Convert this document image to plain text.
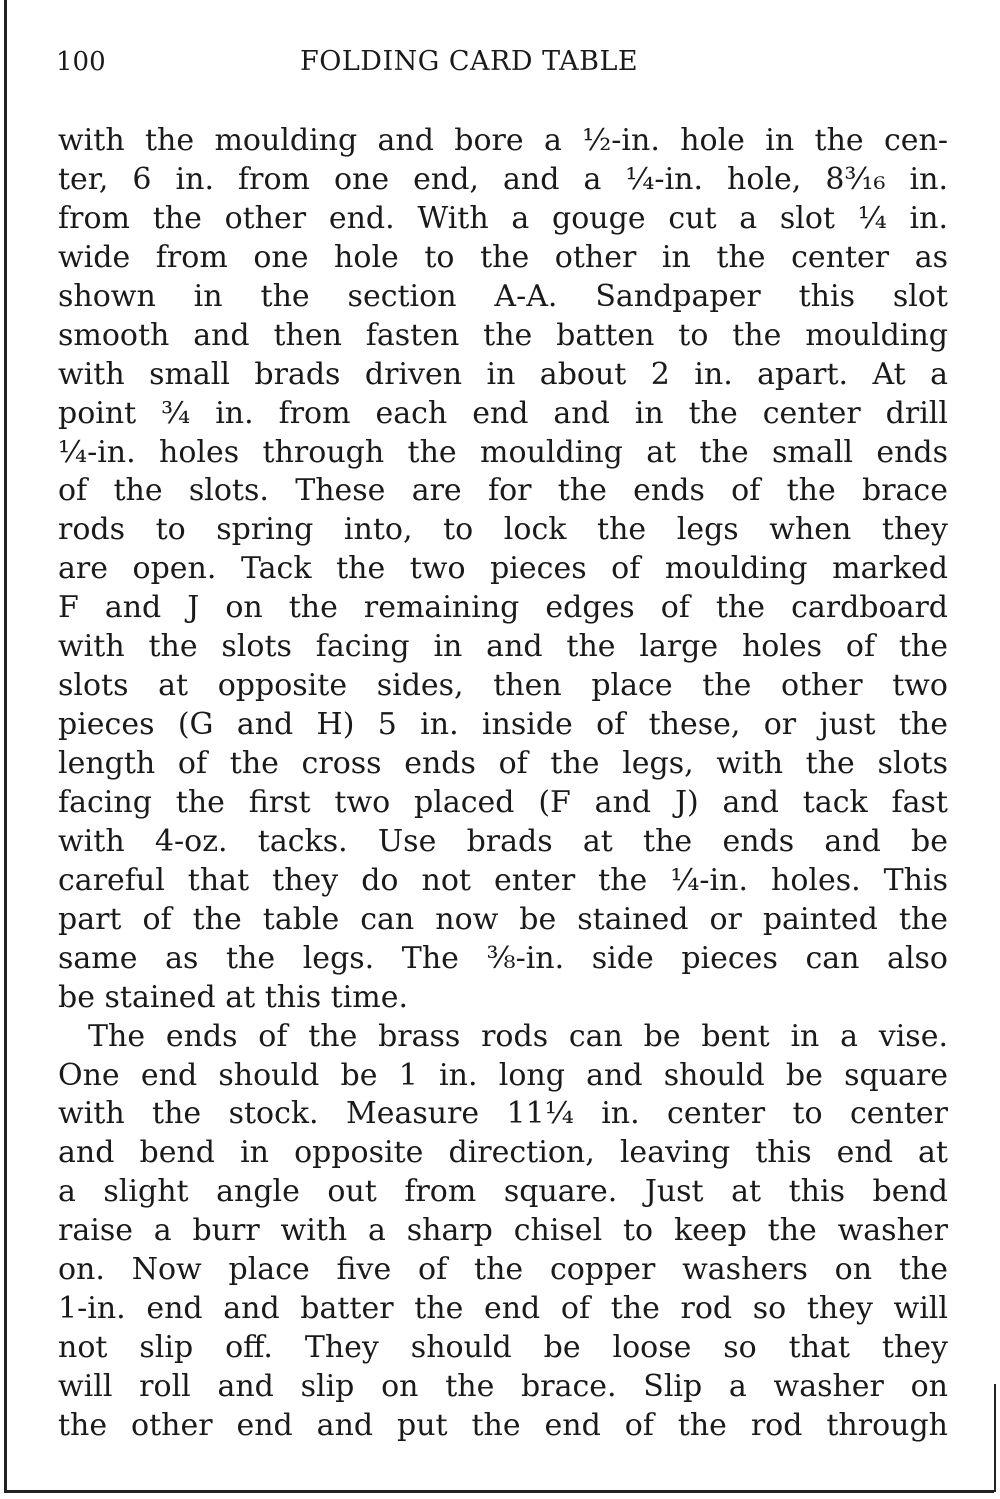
100	FOLDING CARD TABLE
with the moulding and bore a ½-in. hole in the cen-
ter, 6 in. from one end, and a ¼-in. hole, 8³⁄₁₆ in.
from the other end. With a gouge cut a slot ¼ in.
wide from one hole to the other in the center as
shown in the section A-A. Sandpaper this slot
smooth and then fasten the batten to the moulding
with small brads driven in about 2 in. apart. At a
point ¾ in. from each end and in the center drill
¼-in. holes through the moulding at the small ends
of the slots. These are for the ends of the brace
rods to spring into, to lock the legs when they
are open. Tack the two pieces of moulding marked
F and J on the remaining edges of the cardboard
with the slots facing in and the large holes of the
slots at opposite sides, then place the other two
pieces (G and H) 5 in. inside of these, or just the
length of the cross ends of the legs, with the slots
facing the first two placed (F and J) and tack fast
with 4-oz. tacks. Use brads at the ends and be
careful that they do not enter the ¼-in. holes. This
part of the table can now be stained or painted the
same as the legs. The ⅜-in. side pieces can also
be stained at this time.
The ends of the brass rods can be bent in a vise.
One end should be 1 in. long and should be square
with the stock. Measure 11¼ in. center to center
and bend in opposite direction, leaving this end at
a slight angle out from square. Just at this bend
raise a burr with a sharp chisel to keep the washer
on. Now place five of the copper washers on the
1-in. end and batter the end of the rod so they will
not slip off. They should be loose so that they
will roll and slip on the brace. Slip a washer on
the other end and put the end of the rod through
